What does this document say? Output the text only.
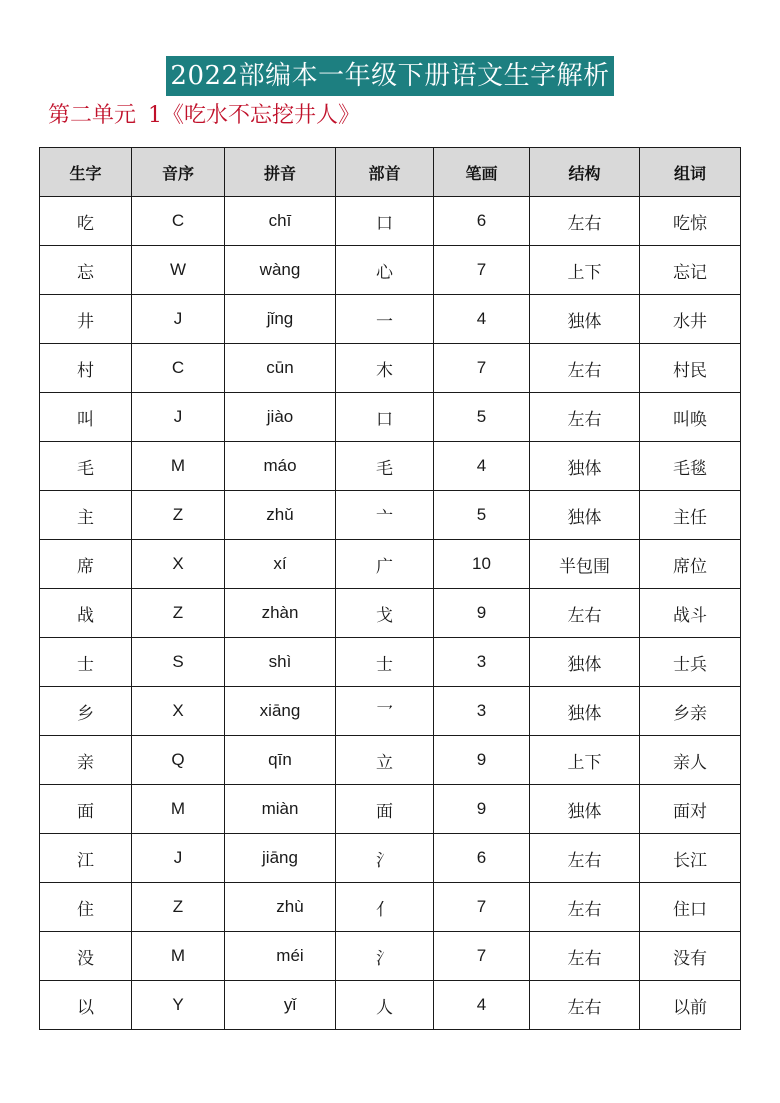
2022部编本一年级下册语文生字解析
第二单元 1《吃水不忘挖井人》
生字	音序	拼音	部首	笔画	结构	组词
吃	C	chī	口	6	左右	吃惊
忘	W	wàng	心	7	上下	忘记
井	J	jǐng	一	4	独体	水井
村	C	cūn	木	7	左右	村民
叫	J	jiào	口	5	左右	叫唤
毛	M	máo	毛	4	独体	毛毯
主	Z	zhǔ	亠	5	独体	主任
席	X	xí	广	10	半包围	席位
战	Z	zhàn	戈	9	左右	战斗
士	S	shì	士	3	独体	士兵
乡	X	xiāng	乛	3	独体	乡亲
亲	Q	qīn	立	9	上下	亲人
面	M	miàn	面	9	独体	面对
江	J	jiāng	氵	6	左右	长江
住	Z	zhù	亻	7	左右	住口
没	M	méi	氵	7	左右	没有
以	Y	yǐ	人	4	左右	以前
